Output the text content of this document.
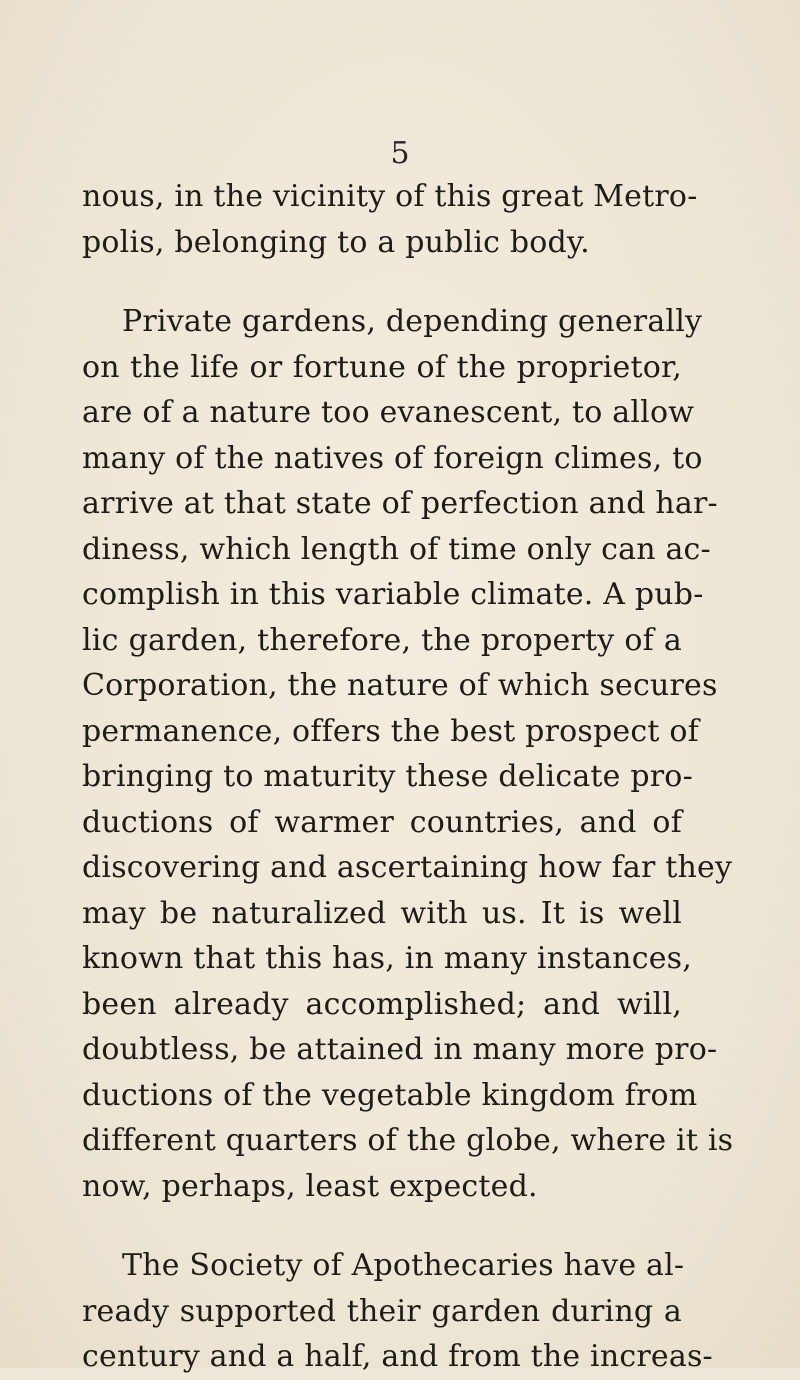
5
nous, in the vicinity of this great Metro-
polis, belonging to a public body.
Private gardens, depending generally
on the life or fortune of the proprietor,
are of a nature too evanescent, to allow
many of the natives of foreign climes, to
arrive at that state of perfection and har-
diness, which length of time only can ac-
complish in this variable climate. A pub-
lic garden, therefore, the property of a
Corporation, the nature of which secures
permanence, offers the best prospect of
bringing to maturity these delicate pro-
ductions of warmer countries, and of
discovering and ascertaining how far they
may be naturalized with us. It is well
known that this has, in many instances,
been already accomplished; and will,
doubtless, be attained in many more pro-
ductions of the vegetable kingdom from
different quarters of the globe, where it is
now, perhaps, least expected.
The Society of Apothecaries have al-
ready supported their garden during a
century and a half, and from the increas-
